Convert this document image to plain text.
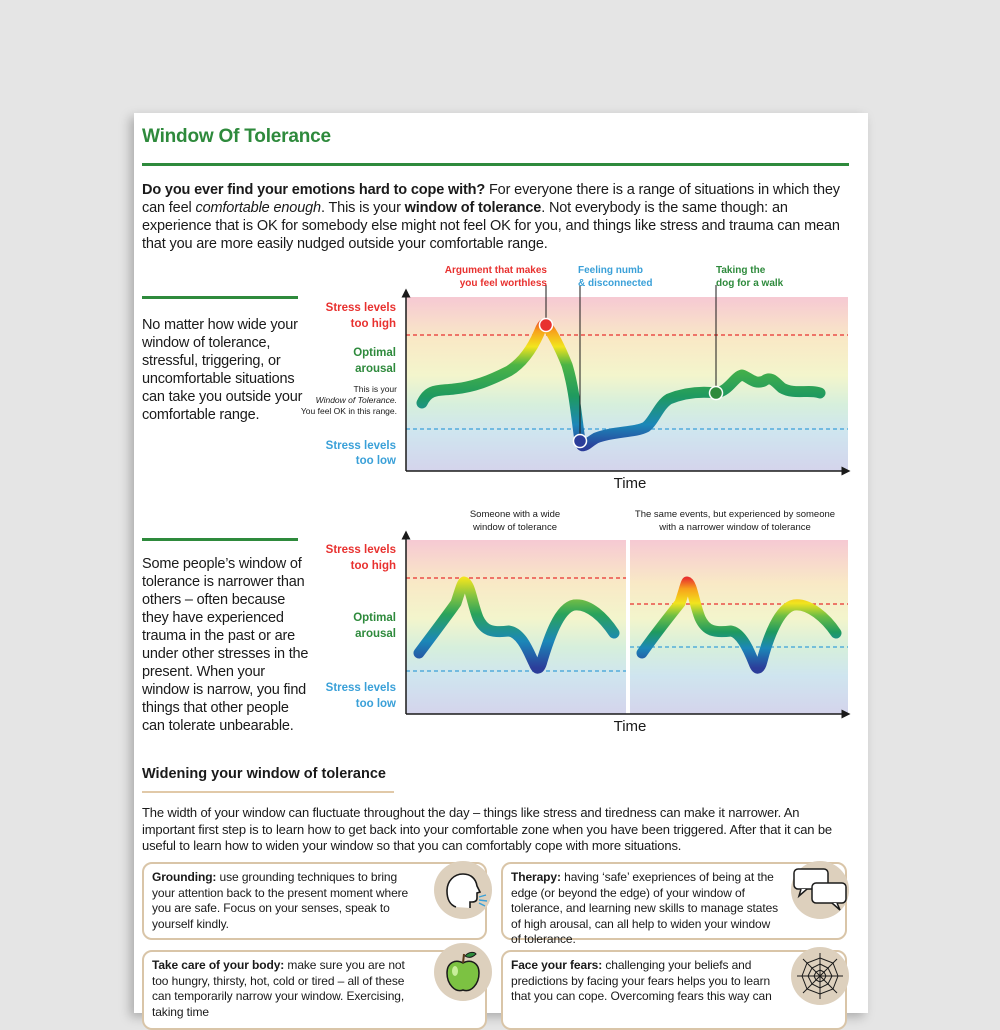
Window Of Tolerance
Do you ever find your emotions hard to cope with? For everyone there is a range of situations in which they can feel comfortable enough. This is your window of tolerance. Not everybody is the same though: an experience that is OK for somebody else might not feel OK for you, and things like stress and trauma can mean that you are more easily nudged outside your comfortable range.
No matter how wide your window of tolerance, stressful, triggering, or uncomfortable situations can take you outside your comfortable range.
Some people’s window of tolerance is narrower than others – often because they have experienced trauma in the past or are under other stresses in the present. When your window is narrow, you find things that other people can tolerate unbearable.
Stress levels
too high
Optimal
arousal
Stress levels
too low
This is your
Window of Tolerance.
You feel OK in this range.
Argument that makes
you feel worthless
Feeling numb
& disconnected
Taking the
dog for a walk
Time
Someone with a wide
window of tolerance
The same events, but experienced by someone
with a narrower window of tolerance
Stress levels
too high
Optimal
arousal
Stress levels
too low
Time
Widening your window of tolerance
The width of your window can fluctuate throughout the day – things like stress and tiredness can make it narrower. An important first step is to learn how to get back into your comfortable zone when you have been triggered. After that it can be useful to learn how to widen your window so that you can comfortably cope with more situations.
Grounding: use grounding techniques to bring your attention back to the present moment where you are safe. Focus on your senses, speak to yourself kindly.
Therapy: having ‘safe’ exepriences of being at the edge (or beyond the edge) of your window of tolerance, and learning new skills to manage states of high arousal, can all help to widen your window of tolerance.
Take care of your body: make sure you are not too hungry, thirsty, hot, cold or tired – all of these can temporarily narrow your window. Exercising, taking time
Face your fears: challenging your beliefs and predictions by facing your fears helps you to learn that you can cope. Overcoming fears this way can
